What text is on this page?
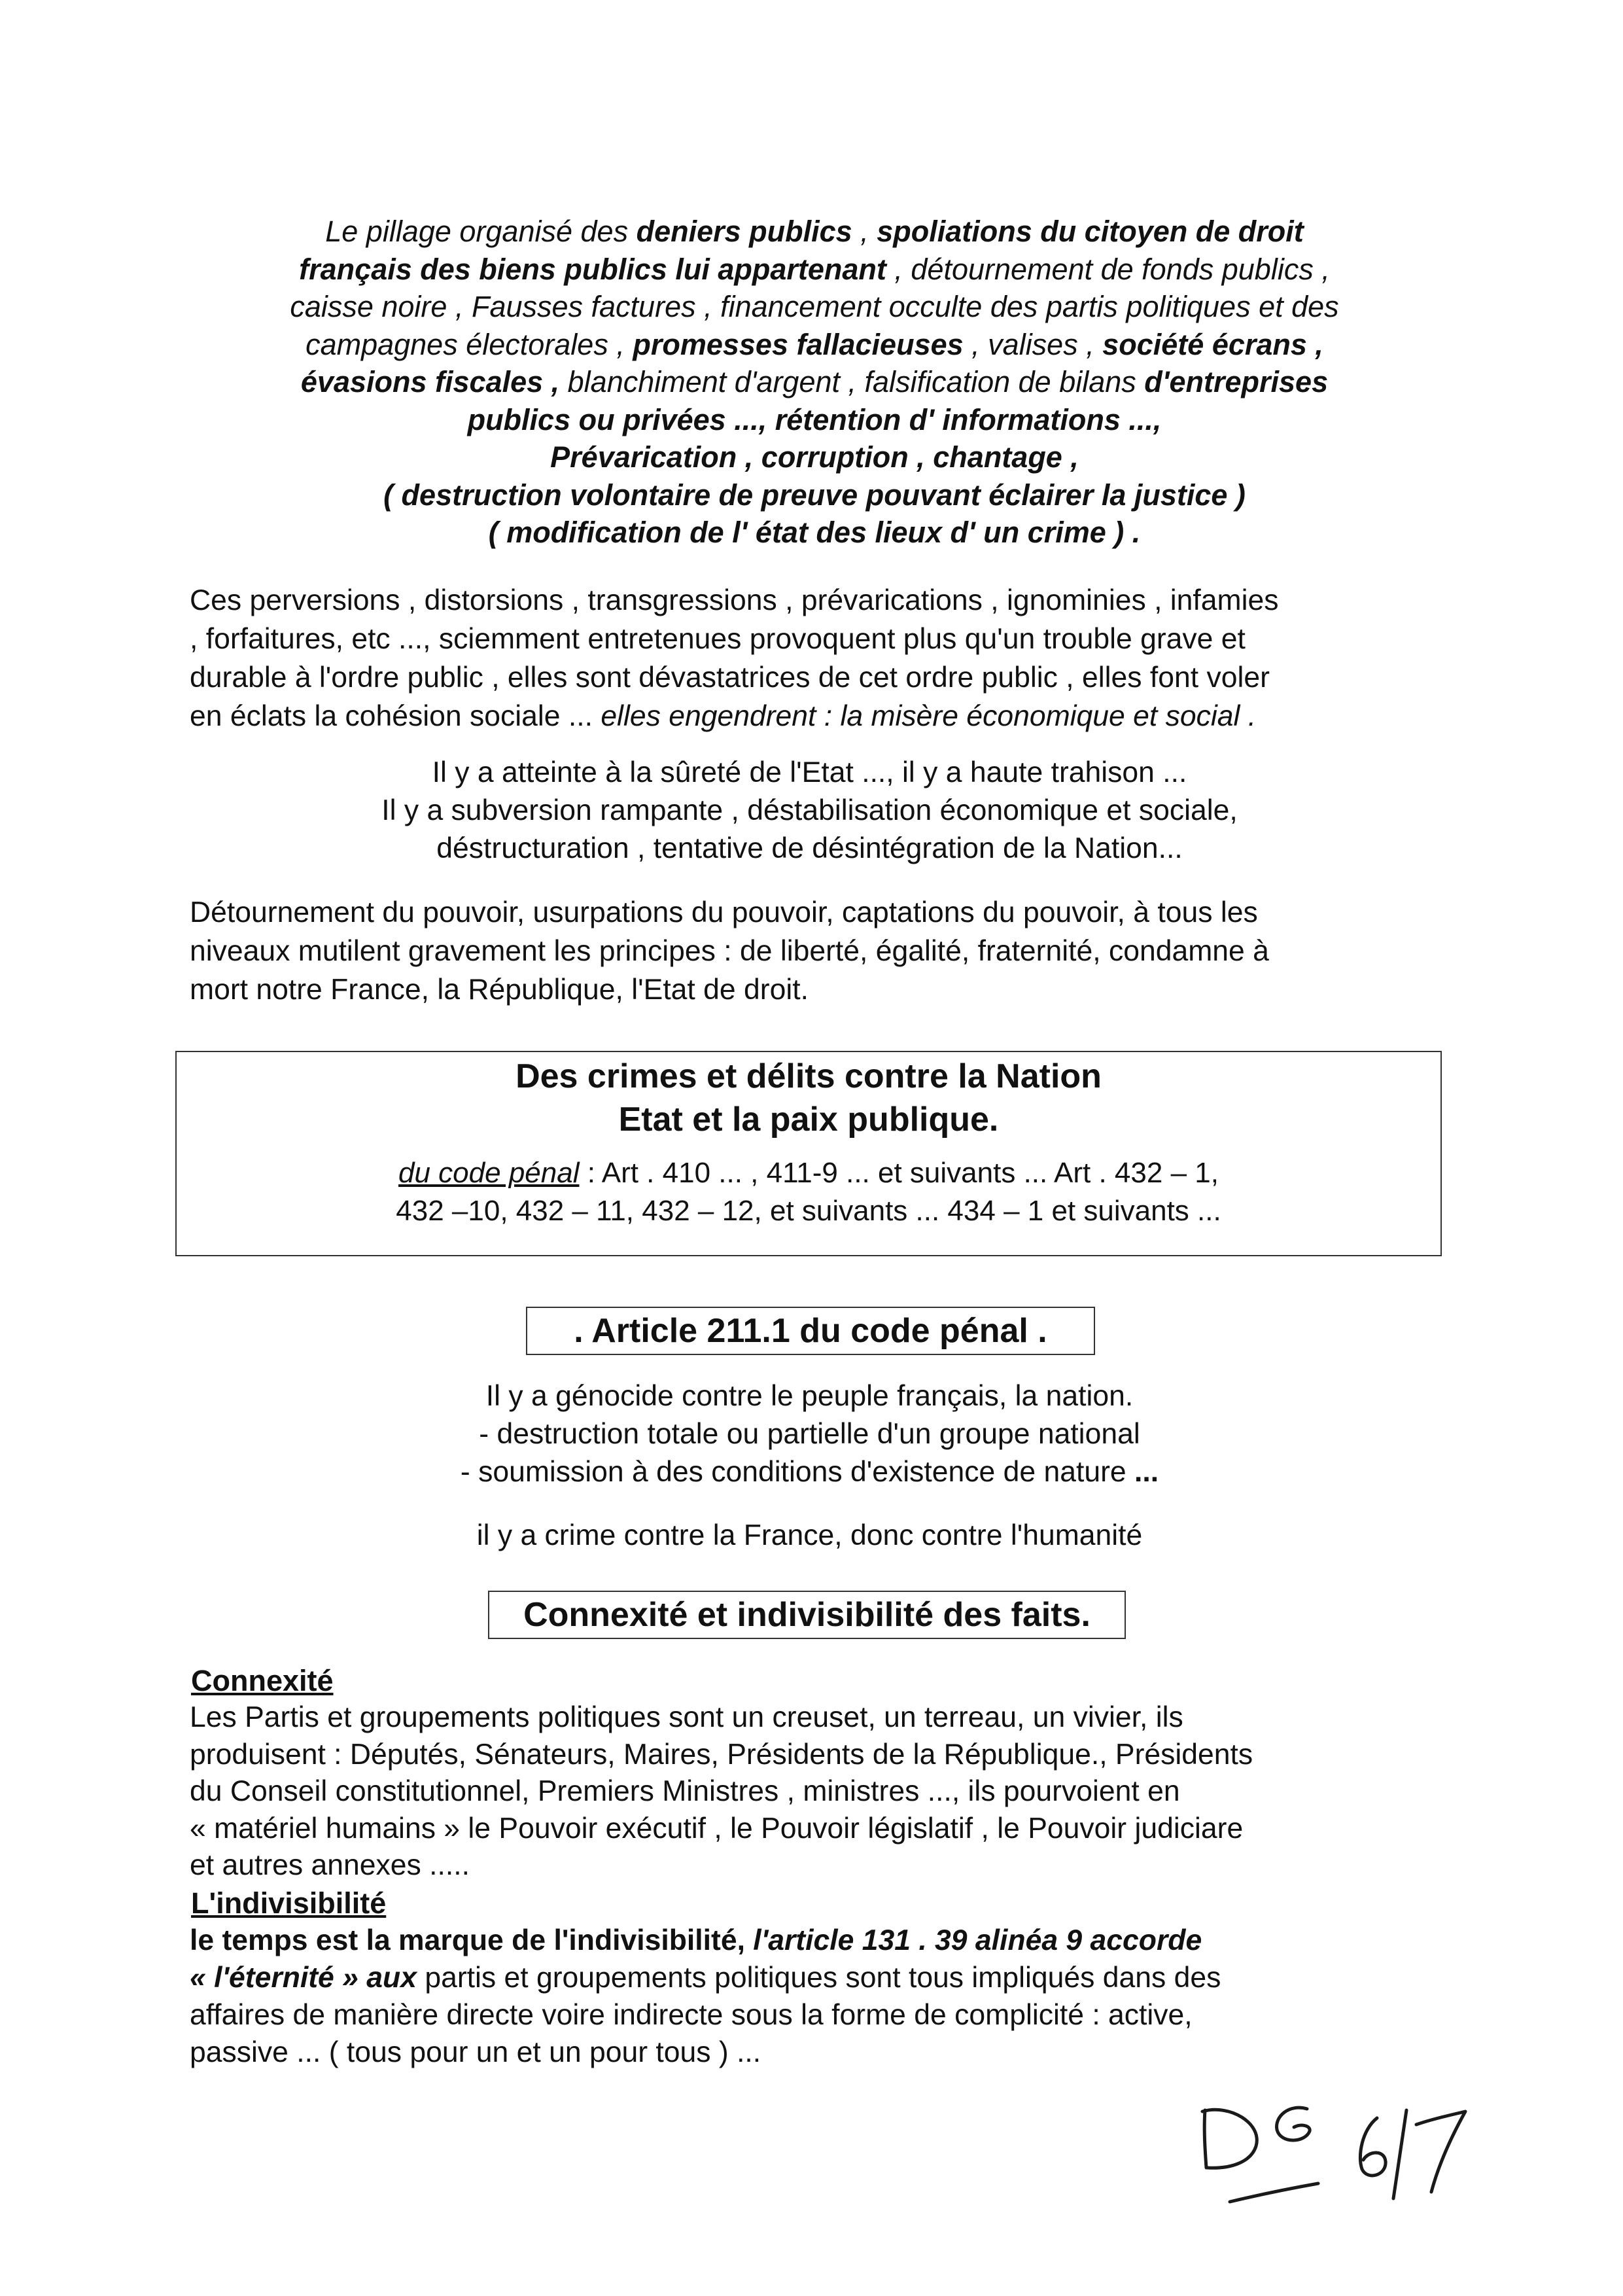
Le pillage organisé des deniers publics , spoliations du citoyen de droit
français des biens publics lui appartenant , détournement de fonds publics ,
caisse noire , Fausses factures , financement occulte des partis politiques et des
campagnes électorales , promesses fallacieuses , valises , société écrans ,
évasions fiscales , blanchiment d'argent , falsification de bilans d'entreprises
publics ou privées ..., rétention d' informations ...,
Prévarication , corruption , chantage ,
( destruction volontaire de preuve pouvant éclairer la justice )
( modification de l' état des lieux d' un crime ) .
Ces perversions , distorsions , transgressions , prévarications , ignominies , infamies
, forfaitures, etc ..., sciemment entretenues provoquent plus qu'un trouble grave et
durable à l'ordre public , elles sont dévastatrices de cet ordre public , elles font voler
en éclats la cohésion sociale ... elles engendrent : la misère économique et social .
Il y a atteinte à la sûreté de l'Etat ..., il y a haute trahison ...
Il y a subversion rampante , déstabilisation économique et sociale,
déstructuration , tentative de désintégration de la Nation...
Détournement du pouvoir, usurpations du pouvoir, captations du pouvoir, à tous les
niveaux mutilent gravement les principes : de liberté, égalité, fraternité, condamne à
mort notre France, la République, l'Etat de droit.
Des crimes et délits contre la Nation
Etat et la paix publique.
du code pénal : Art . 410 ... , 411-9 ... et suivants ... Art . 432 – 1,
432 –10, 432 – 11, 432 – 12, et suivants ... 434 – 1 et suivants ...
. Article 211.1 du code pénal .
Il y a génocide contre le peuple français, la nation.
- destruction totale ou partielle d'un groupe national
- soumission à des conditions d'existence de nature ...
il y a crime contre la France, donc contre l'humanité
Connexité et indivisibilité des faits.
Connexité
Les Partis et groupements politiques sont un creuset, un terreau, un vivier, ils
produisent : Députés, Sénateurs, Maires, Présidents de la République., Présidents
du Conseil constitutionnel, Premiers Ministres , ministres ..., ils pourvoient en
« matériel humains » le Pouvoir exécutif , le Pouvoir législatif , le Pouvoir judiciare
et autres annexes .....
L'indivisibilité
le temps est la marque de l'indivisibilité, l'article 131 . 39 alinéa 9 accorde
« l'éternité » aux partis et groupements politiques sont tous impliqués dans des
affaires de manière directe voire indirecte sous la forme de complicité : active,
passive ... ( tous pour un et un pour tous ) ...
